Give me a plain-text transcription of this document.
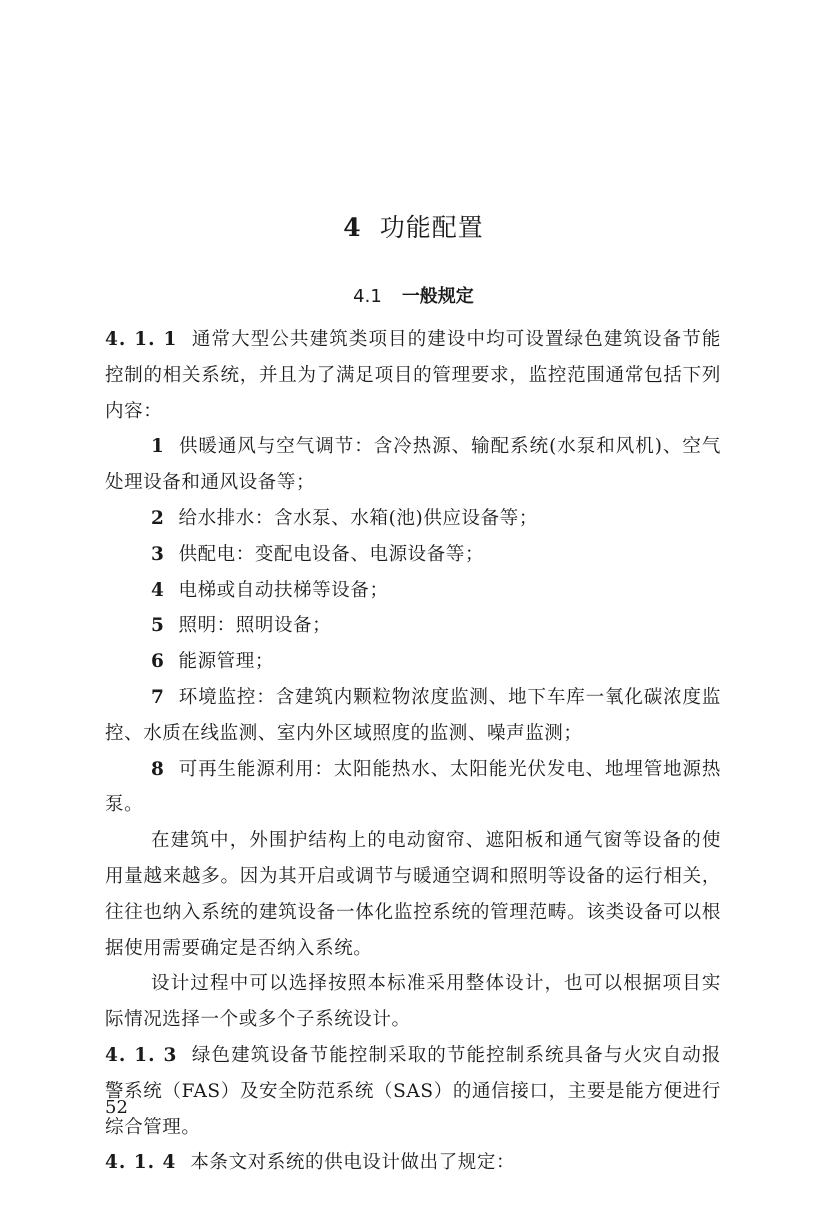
4 功能配置
4.1 一般规定

4. 1. 1 通常大型公共建筑类项目的建设中均可设置绿色建筑设备节能控制的相关系统，并且为了满足项目的管理要求，监控范围通常包括下列内容：

1 供暖通风与空气调节：含冷热源、输配系统(水泵和风机)、空气处理设备和通风设备等；

2 给水排水：含水泵、水箱(池)供应设备等；

3 供配电：变配电设备、电源设备等；

4 电梯或自动扶梯等设备；

5 照明：照明设备；

6 能源管理；

7 环境监控：含建筑内颗粒物浓度监测、地下车库一氧化碳浓度监控、水质在线监测、室内外区域照度的监测、噪声监测；

8 可再生能源利用：太阳能热水、太阳能光伏发电、地埋管地源热泵。

在建筑中，外围护结构上的电动窗帘、遮阳板和通气窗等设备的使用量越来越多。因为其开启或调节与暖通空调和照明等设备的运行相关，往往也纳入系统的建筑设备一体化监控系统的管理范畴。该类设备可以根据使用需要确定是否纳入系统。

设计过程中可以选择按照本标准采用整体设计，也可以根据项目实际情况选择一个或多个子系统设计。

4. 1. 3 绿色建筑设备节能控制采取的节能控制系统具备与火灾自动报警系统（FAS）及安全防范系统（SAS）的通信接口，主要是能方便进行综合管理。

4. 1. 4 本条文对系统的供电设计做出了规定：

52
